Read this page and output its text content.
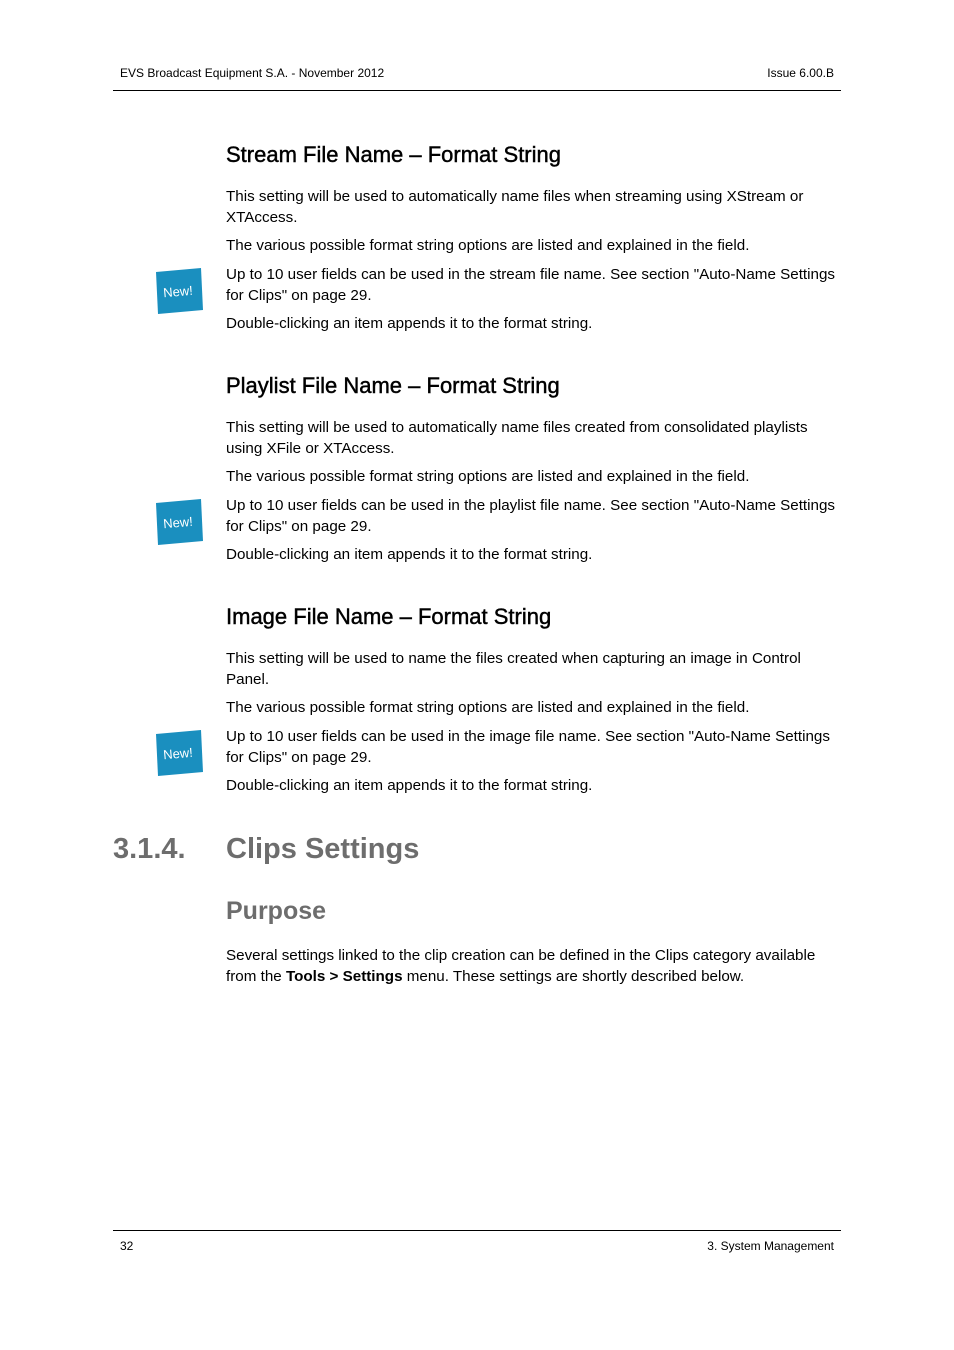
EVS Broadcast Equipment S.A. - November 2012	Issue 6.00.B
Stream File Name – Format String

This setting will be used to automatically name files when streaming using XStream or XTAccess.

The various possible format string options are listed and explained in the field.

New!

Up to 10 user fields can be used in the stream file name. See section "Auto-Name Settings for Clips" on page 29.

Double-clicking an item appends it to the format string.

Playlist File Name – Format String

This setting will be used to automatically name files created from consolidated playlists using XFile or XTAccess.

The various possible format string options are listed and explained in the field.

New!

Up to 10 user fields can be used in the playlist file name. See section "Auto-Name Settings for Clips" on page 29.

Double-clicking an item appends it to the format string.

Image File Name – Format String

This setting will be used to name the files created when capturing an image in Control Panel.

The various possible format string options are listed and explained in the field.

New!

Up to 10 user fields can be used in the image file name. See section "Auto-Name Settings for Clips" on page 29.

Double-clicking an item appends it to the format string.

3.1.4. Clips Settings
Purpose

Several settings linked to the clip creation can be defined in the Clips category available from the Tools > Settings menu. These settings are shortly described below.

32	3. System Management
